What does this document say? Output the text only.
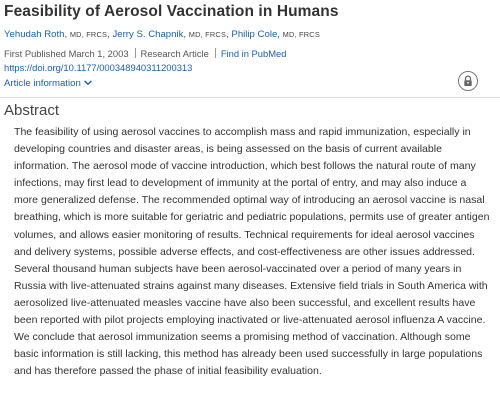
Feasibility of Aerosol Vaccination in Humans
Yehudah Roth, MD, FRCS, Jerry S. Chapnik, MD, FRCS, Philip Cole, MD, FRCS
First Published March 1, 2003 Research Article Find in PubMed
https://doi.org/10.1177/000348940311200313
Article information
Abstract

The feasibility of using aerosol vaccines to accomplish mass and rapid immunization, especially in developing countries and disaster areas, is being assessed on the basis of current available information. The aerosol mode of vaccine introduction, which best follows the natural route of many infections, may first lead to development of immunity at the portal of entry, and may also induce a more generalized defense. The recommended optimal way of introducing an aerosol vaccine is nasal breathing, which is more suitable for geriatric and pediatric populations, permits use of greater antigen volumes, and allows easier monitoring of results. Technical requirements for ideal aerosol vaccines and delivery systems, possible adverse effects, and cost-effectiveness are other issues addressed. Several thousand human subjects have been aerosol-vaccinated over a period of many years in Russia with live-attenuated strains against many diseases. Extensive field trials in South America with aerosolized live-attenuated measles vaccine have also been successful, and excellent results have been reported with pilot projects employing inactivated or live-attenuated aerosol influenza A vaccine. We conclude that aerosol immunization seems a promising method of vaccination. Although some basic information is still lacking, this method has already been used successfully in large populations and has therefore passed the phase of initial feasibility evaluation.
